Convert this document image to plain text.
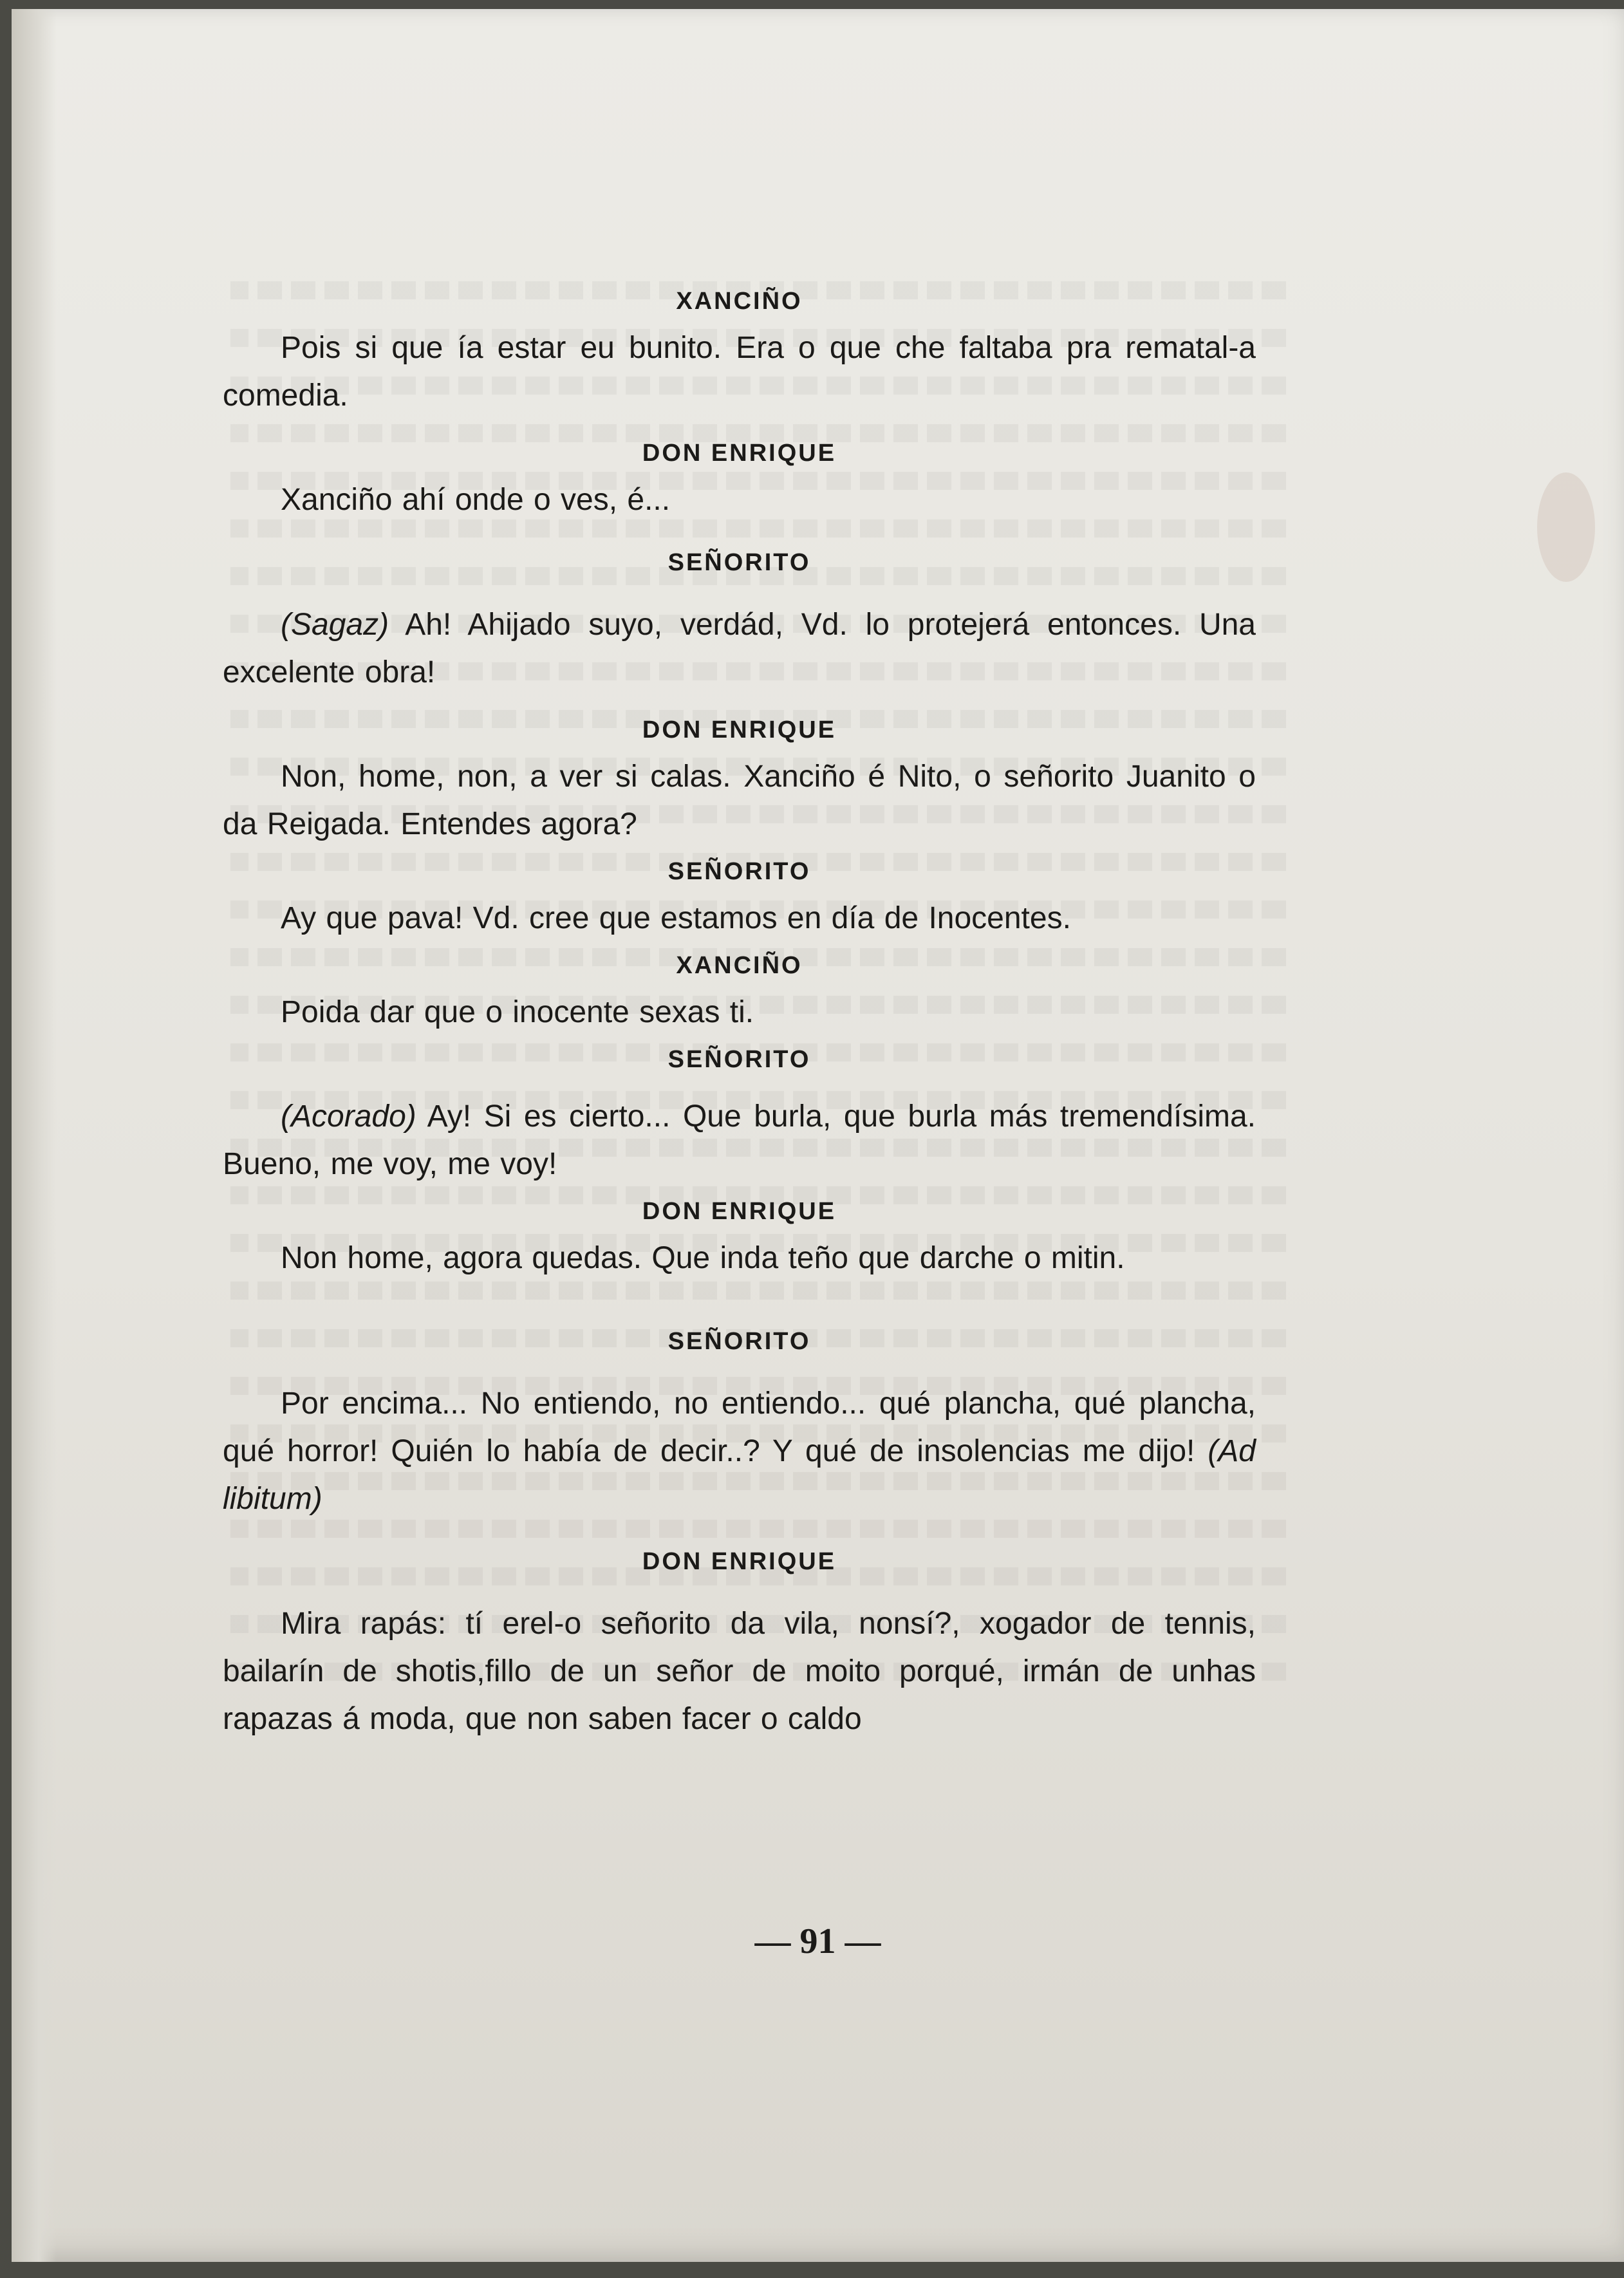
XANCIÑO

Pois si que ía estar eu bunito. Era o que che faltaba pra rematal-a comedia.

DON ENRIQUE

Xanciño ahí onde o ves, é...

SEÑORITO

(Sagaz) Ah! Ahijado suyo, verdád, Vd. lo protejerá entonces. Una excelente obra!

DON ENRIQUE

Non, home, non, a ver si calas. Xanciño é Nito, o señorito Juanito o da Reigada. Entendes agora?

SEÑORITO

Ay que pava! Vd. cree que estamos en día de Inocentes.

XANCIÑO

Poida dar que o inocente sexas ti.

SEÑORITO

(Acorado) Ay! Si es cierto... Que burla, que burla más tremendísima. Bueno, me voy, me voy!

DON ENRIQUE

Non home, agora quedas. Que inda teño que darche o mitin.

SEÑORITO

Por encima... No entiendo, no entiendo... qué plancha, qué plancha, qué horror! Quién lo había de decir..? Y qué de insolencias me dijo! (Ad libitum)

DON ENRIQUE

Mira rapás: tí erel-o señorito da vila, nonsí?, xogador de tennis, bailarín de shotis,fillo de un señor de moito porqué, irmán de unhas rapazas á moda, que non saben facer o caldo

— 91 —
